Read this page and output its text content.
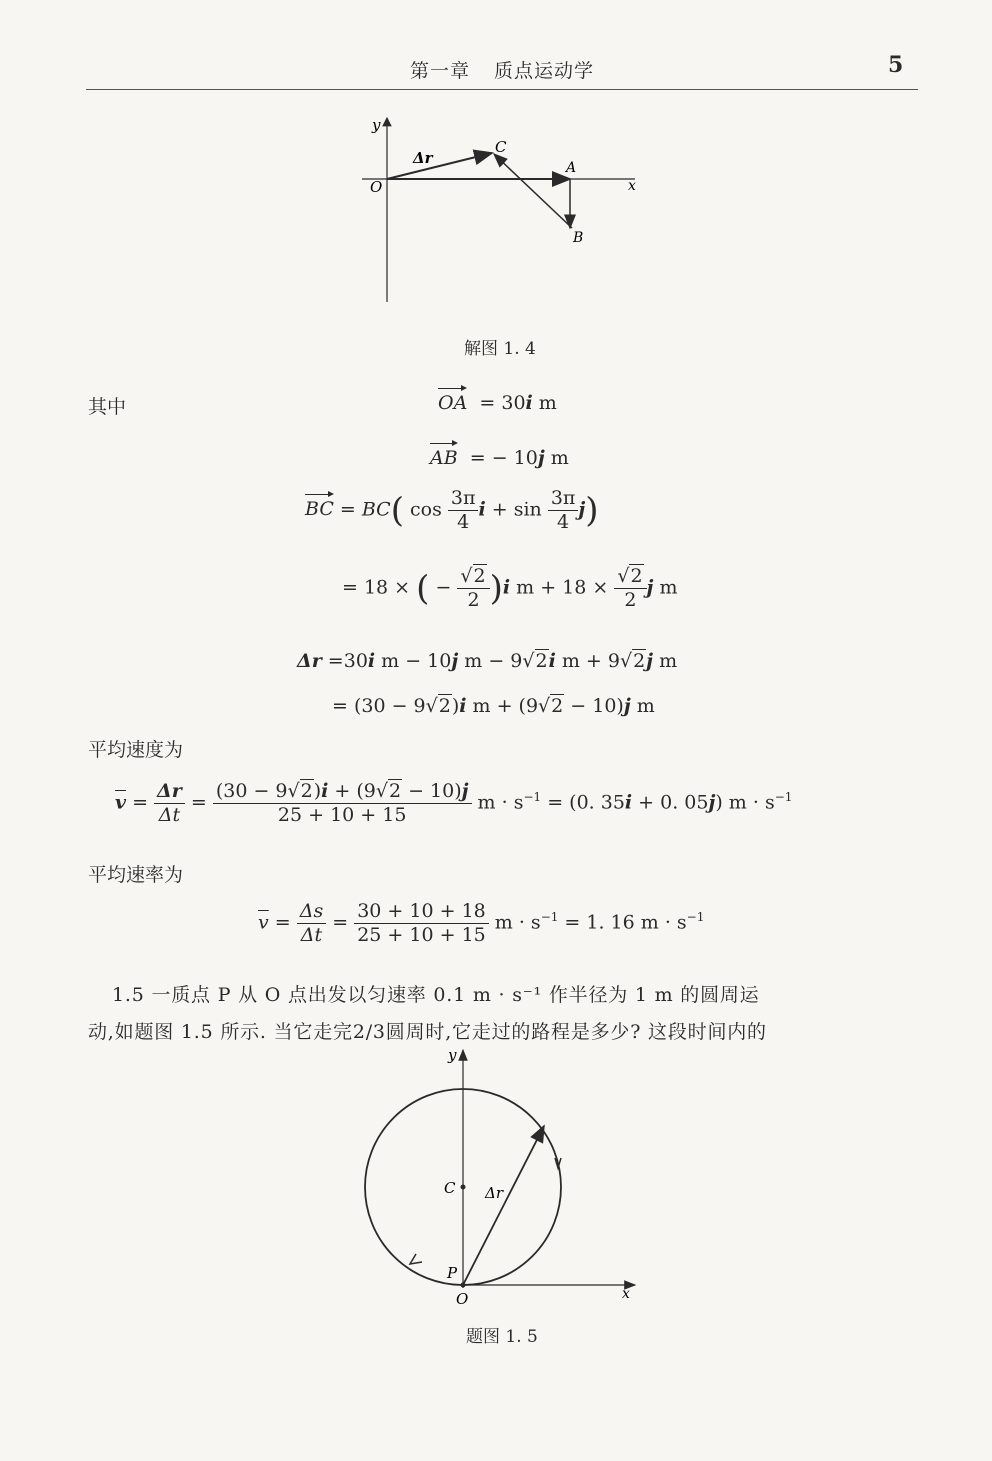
第一章 质点运动学	5
y
x
O
C
A
B
Δr
解图 1. 4
其中	OA  = 30i m
AB  = − 10j m
BC = BC( $\cos \frac{3\pi}{4}$ $i + \sin \frac{3\pi}{4} j$)
= 18 × ( − $\frac{√2}{2} )i$ $m + 18 \times \frac{√2}{2}$ j m
Δr =30i m − 10j m − 9√2i m + 9√2j m
= (30 − 9√2)i m + (9√2 − 10)j m
平均速度为
$\overline{v} = \frac{\Delta r}{\Delta t} = \frac{(30 - 9√2)i + (9√2 - 10)j}{25 + 10 + 15}$ $m \cdot s^{-1} = (0$. 35i + 0. 05j) $m \cdot s^{-1}$
平均速率为
$\overline{v} = \frac{\Delta s}{\Delta t} = \frac{30 + 10 + 18}{25 + 10 + 15}$ $m \cdot s^{-1} = 1$. 16 $m \cdot s^{-1}$
1.5 一质点 P 从 O 点出发以匀速率 0.1 m · s⁻¹ 作半径为 1 m 的圆周运
动,如题图 1.5 所示. 当它走完2/3圆周时,它走过的路程是多少? 这段时间内的
y
x
C
P
O
Δr
题图 1. 5
